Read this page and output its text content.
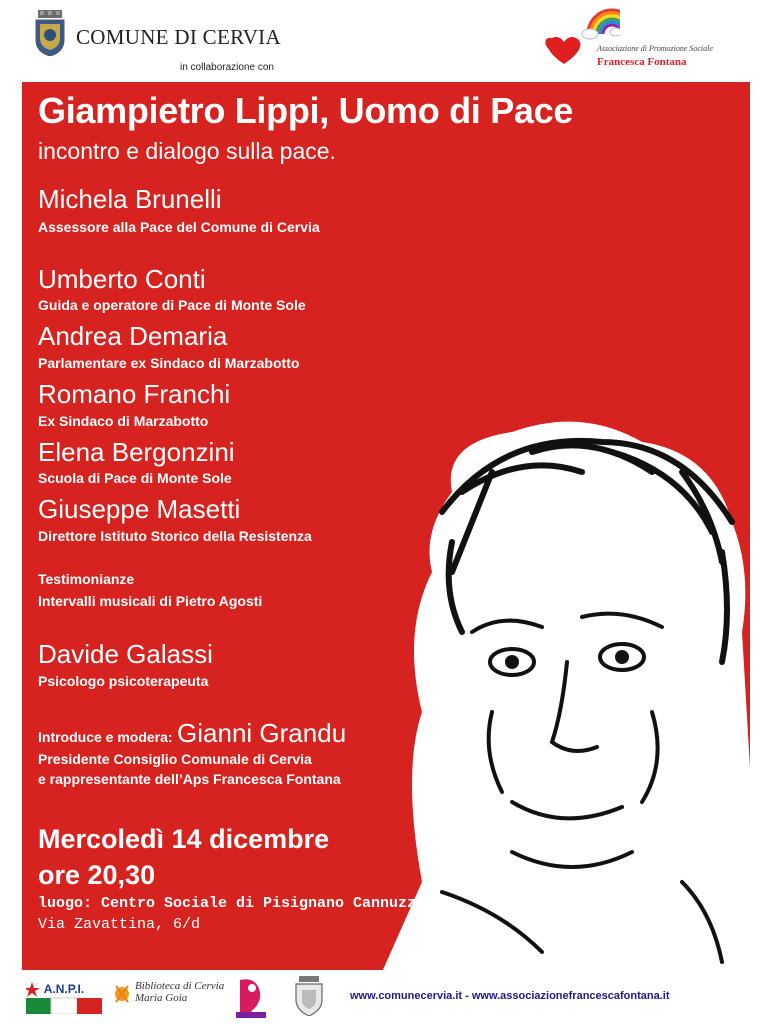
COMUNE DI CERVIA
in collaborazione con
Associazione di Promozione Sociale
Francesca Fontana
Giampietro Lippi, Uomo di Pace
incontro e dialogo sulla pace.
Michela Brunelli
Assessore alla Pace del Comune di Cervia
Umberto Conti
Guida e operatore di Pace di Monte Sole
Andrea Demaria
Parlamentare ex Sindaco di Marzabotto
Romano Franchi
Ex Sindaco di Marzabotto
Elena Bergonzini
Scuola di Pace di Monte Sole
Giuseppe Masetti
Direttore Istituto Storico della Resistenza
Testimonianze
Intervalli musicali di Pietro Agosti
Davide Galassi
Psicologo psicoterapeuta
Introduce e modera: Gianni Grandu
Presidente Consiglio Comunale di Cervia
e rappresentante dell’Aps Francesca Fontana
Mercoledì 14 dicembre
ore 20,30
luogo: Centro Sociale di Pisignano Cannuzzo
Via Zavattina, 6/d
A.N.P.I.	Biblioteca di Cervia
Maria Goia	www.comunecervia.it - www.associazionefrancescafontana.it
